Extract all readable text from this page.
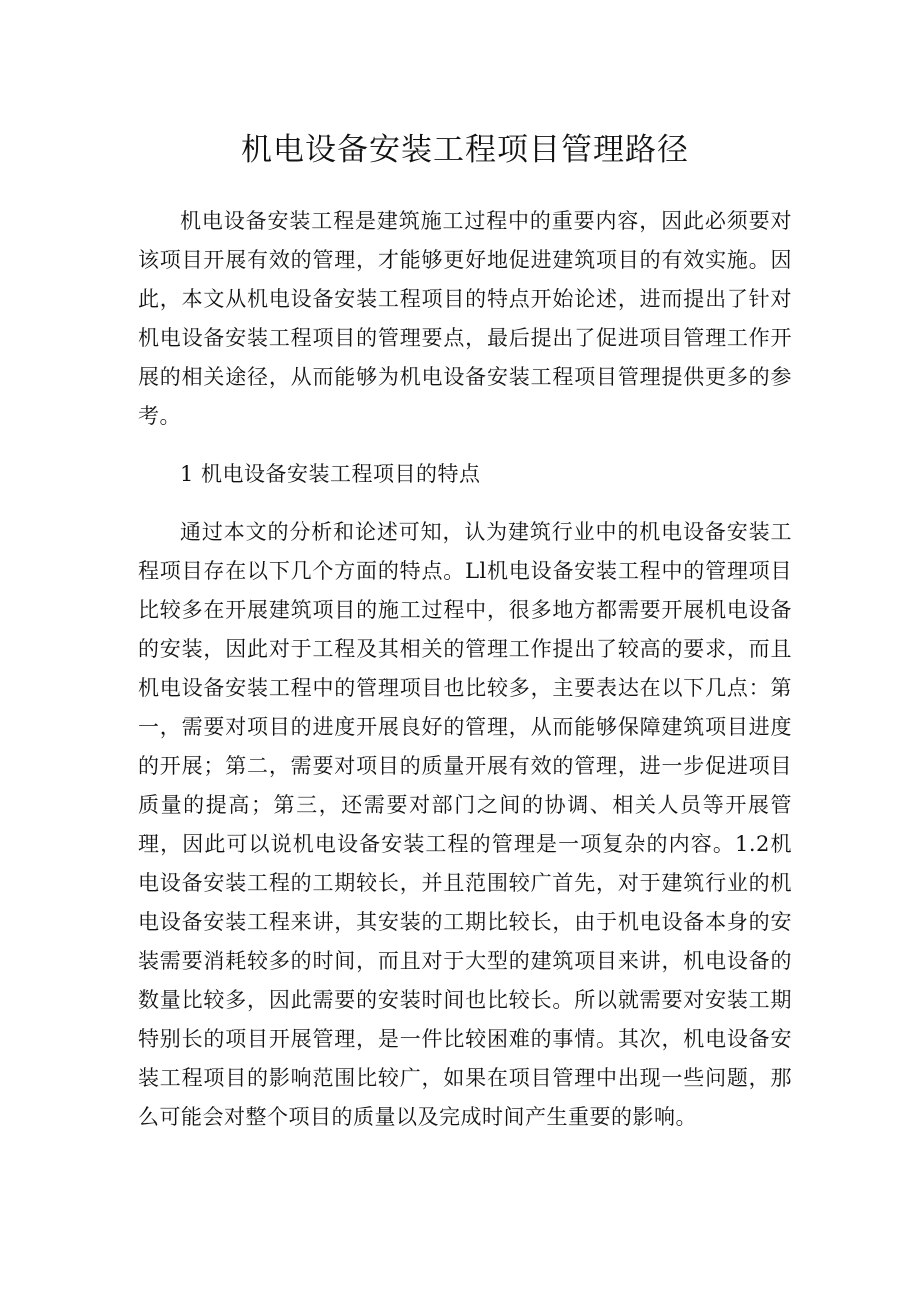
机电设备安装工程项目管理路径

机电设备安装工程是建筑施工过程中的重要内容，因此必须要对该项目开展有效的管理，才能够更好地促进建筑项目的有效实施。因此，本文从机电设备安装工程项目的特点开始论述，进而提出了针对机电设备安装工程项目的管理要点，最后提出了促进项目管理工作开展的相关途径，从而能够为机电设备安装工程项目管理提供更多的参考。

1 机电设备安装工程项目的特点

通过本文的分析和论述可知，认为建筑行业中的机电设备安装工程项目存在以下几个方面的特点。Ll机电设备安装工程中的管理项目比较多在开展建筑项目的施工过程中，很多地方都需要开展机电设备的安装，因此对于工程及其相关的管理工作提出了较高的要求，而且机电设备安装工程中的管理项目也比较多，主要表达在以下几点：第一，需要对项目的进度开展良好的管理，从而能够保障建筑项目进度的开展；第二，需要对项目的质量开展有效的管理，进一步促进项目质量的提高；第三，还需要对部门之间的协调、相关人员等开展管理，因此可以说机电设备安装工程的管理是一项复杂的内容。1.2机电设备安装工程的工期较长，并且范围较广首先，对于建筑行业的机电设备安装工程来讲，其安装的工期比较长，由于机电设备本身的安装需要消耗较多的时间，而且对于大型的建筑项目来讲，机电设备的数量比较多，因此需要的安装时间也比较长。所以就需要对安装工期特别长的项目开展管理，是一件比较困难的事情。其次，机电设备安装工程项目的影响范围比较广，如果在项目管理中出现一些问题，那么可能会对整个项目的质量以及完成时间产生重要的影响。
